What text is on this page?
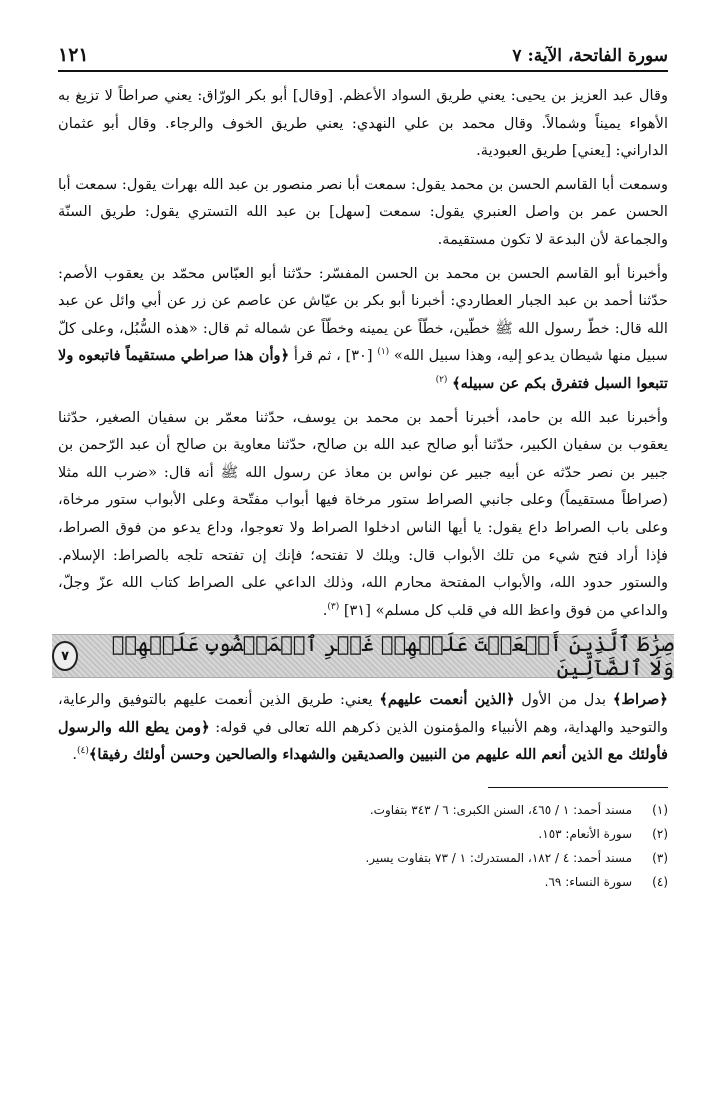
سورة الفاتحة، الآية: ٧
١٢١

وقال عبد العزيز بن يحيى: يعني طريق السواد الأعظم. [وقال] أبو بكر الورّاق: يعني صراطاً لا تزيغ به الأهواء يميناً وشمالاً. وقال محمد بن علي النهدي: يعني طريق الخوف والرجاء. وقال أبو عثمان الداراني: [يعني] طريق العبودية.

وسمعت أبا القاسم الحسن بن محمد يقول: سمعت أبا نصر منصور بن عبد الله بهرات يقول: سمعت أبا الحسن عمر بن واصل العنبري يقول: سمعت [سهل] بن عبد الله التستري يقول: طريق السنّة والجماعة لأن البدعة لا تكون مستقيمة.

وأخبرنا أبو القاسم الحسن بن محمد بن الحسن المفسّر: حدّثنا أبو العبّاس محمّد بن يعقوب الأصم: حدّثنا أحمد بن عبد الجبار العطاردي: أخبرنا أبو بكر بن عيّاش عن عاصم عن زر عن أبي وائل عن عبد الله قال: خطّ رسول الله ﷺ خطّين، خطّاً عن يمينه وخطّاً عن شماله ثم قال: «هذه السُّبُل، وعلى كلّ سبيل منها شيطان يدعو إليه، وهذا سبيل الله» $^{(١)}$ [٣٠] ، ثم قرأ ﴿وأن هذا صراطي مستقيماً فاتبعوه ولا تتبعوا السبل فتفرق بكم عن سبيله﴾ $^{(٢)}$

وأخبرنا عبد الله بن حامد، أخبرنا أحمد بن محمد بن يوسف، حدّثنا معمّر بن سفيان الصغير، حدّثنا يعقوب بن سفيان الكبير، حدّثنا أبو صالح عبد الله بن صالح، حدّثنا معاوية بن صالح أن عبد الرّحمن بن جبير بن نصر حدّثه عن أبيه جبير عن نواس بن معاذ عن رسول الله ﷺ أنه قال: «ضرب الله مثلا (صراطاً مستقيماً) وعلى جانبي الصراط ستور مرخاة فيها أبواب مفتّحة وعلى الأبواب ستور مرخاة، وعلى باب الصراط داع يقول: يا أيها الناس ادخلوا الصراط ولا تعوجوا، وداع يدعو من فوق الصراط، فإذا أراد فتح شيء من تلك الأبواب قال: ويلك لا تفتحه؛ فإنك إن تفتحه تلجه بالصراط: الإسلام. والستور حدود الله، والأبواب المفتحة محارم الله، وذلك الداعي على الصراط كتاب الله عزّ وجلّ، والداعي من فوق واعظ الله في قلب كل مسلم» [٣١] $^{(٣)}$.

صِرَٰطَ ٱلَّذِينَ أَنۡعَمۡتَ عَلَيۡهِمۡ غَيۡرِ ٱلۡمَغۡضُوبِ عَلَيۡهِمۡ وَلَا ٱلضَّآلِّينَ
٧

﴿صراط﴾ بدل من الأول ﴿الذين أنعمت عليهم﴾ يعني: طريق الذين أنعمت عليهم بالتوفيق والرعاية، والتوحيد والهداية، وهم الأنبياء والمؤمنون الذين ذكرهم الله تعالى في قوله: ﴿ومن يطع الله والرسول فأولئك مع الذين أنعم الله عليهم من النبيين والصديقين والشهداء والصالحين وحسن أولئك رفيقا﴾$^{(٤)}$.

(١)
مسند أحمد: ١ / ٤٦٥، السنن الكبرى: ٦ / ٣٤٣ بتفاوت.
(٢)
سورة الأنعام: ١٥٣.
(٣)
مسند أحمد: ٤ / ١٨٢، المستدرك: ١ / ٧٣ بتفاوت يسير.
(٤)
سورة النساء: ٦٩.
